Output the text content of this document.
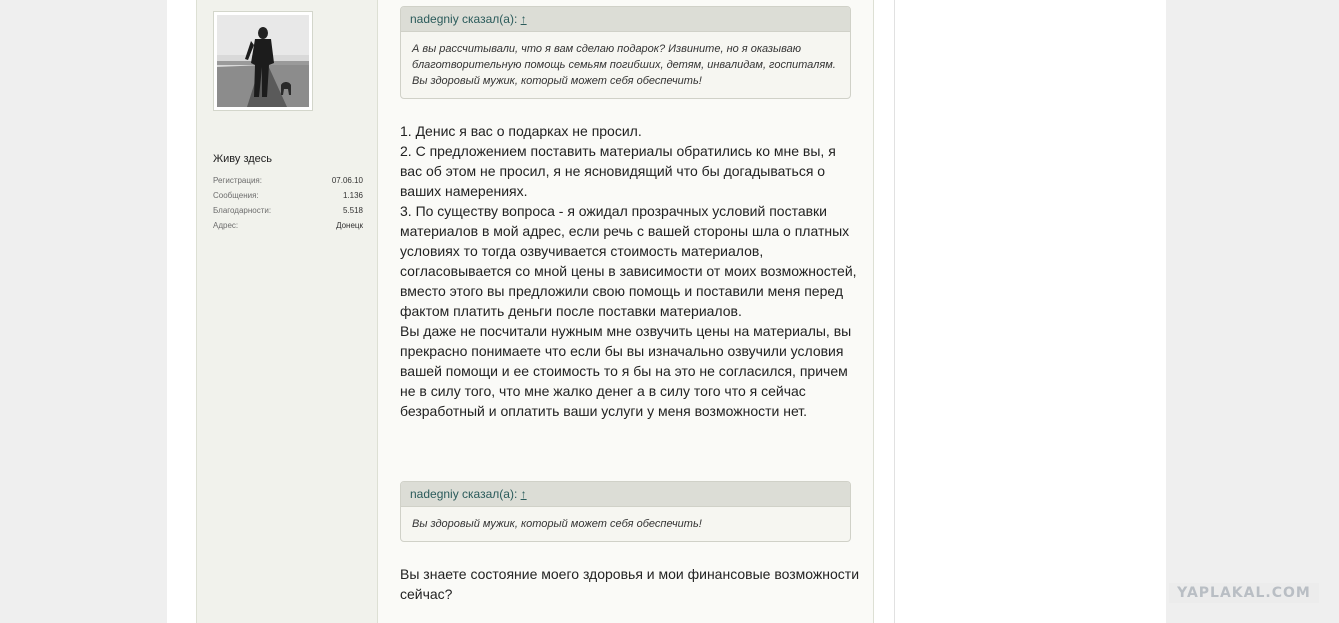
Живу здесь
Регистрация:	07.06.10
Сообщения:	1.136
Благодарности:	5.518
Адрес:	Донецк
nadegniy сказал(а): ↑
А вы рассчитывали, что я вам сделаю подарок? Извините, но я оказываю благотворительную помощь семьям погибших, детям, инвалидам, госпиталям. Вы здоровый мужик, который может себя обеспечить!

1. Денис я вас о подарках не просил.

2. С предложением поставить материалы обратились ко мне вы, я вас об этом не просил, я не ясновидящий что бы догадываться о ваших намерениях.

3. По существу вопроса - я ожидал прозрачных условий поставки материалов в мой адрес, если речь с вашей стороны шла о платных условиях то тогда озвучивается стоимость материалов, согласовывается со мной цены в зависимости от моих возможностей, вместо этого вы предложили свою помощь и поставили меня перед фактом платить деньги после поставки материалов.

Вы даже не посчитали нужным мне озвучить цены на материалы, вы прекрасно понимаете что если бы вы изначально озвучили условия вашей помощи и ее стоимость то я бы на это не согласился, причем не в силу того, что мне жалко денег а в силу того что я сейчас безработный и оплатить ваши услуги у меня возможности нет.

nadegniy сказал(а): ↑
Вы здоровый мужик, который может себя обеспечить!

Вы знаете состояние моего здоровья и мои финансовые возможности сейчас?	YAPLAKAL.COM
